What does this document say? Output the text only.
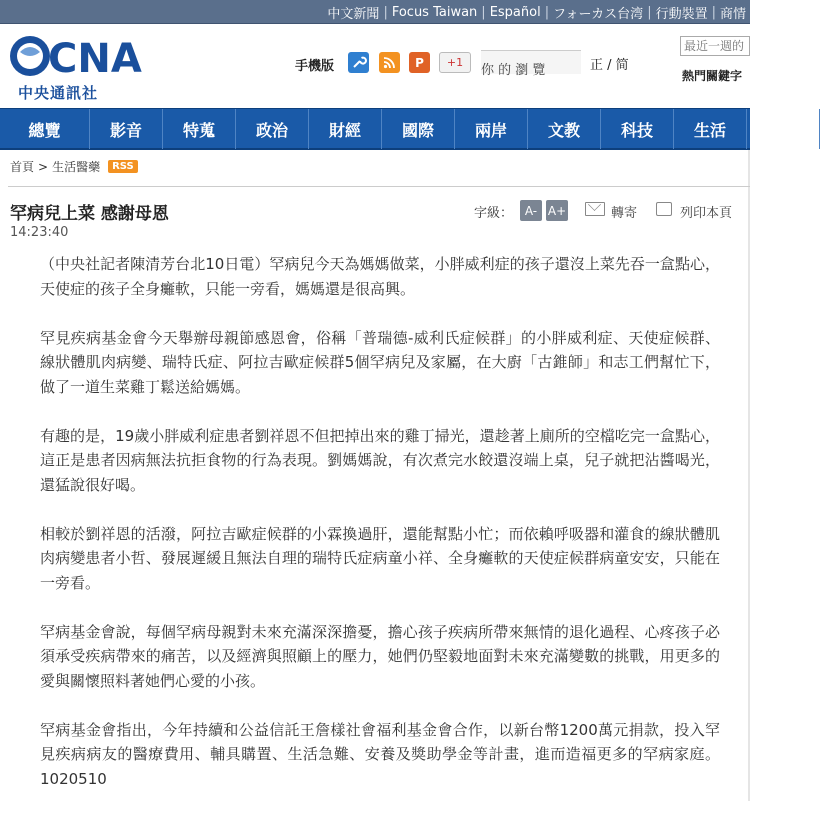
中文新聞 | Focus Taiwan | Español | フォーカス台湾 | 行動裝置 | 商情
CNA
中央通訊社
手機版	P	+1
你 的 瀏 覽	正 / 简
最近一週的
熱門關鍵字
總覽	影音	特蒐	政治	財經	國際	兩岸	文教	科技	生活	體
首頁 > 生活醫藥	RSS
罕病兒上菜 感謝母恩
14:23:40
字級： A- A+	轉寄	列印本頁

（中央社記者陳清芳台北10日電）罕病兒今天為媽媽做菜，小胖威利症的孩子還沒上菜先吞一盒點心，天使症的孩子全身癱軟，只能一旁看，媽媽還是很高興。

罕見疾病基金會今天舉辦母親節感恩會，俗稱「普瑞德-威利氏症候群」的小胖威利症、天使症候群、線狀體肌肉病變、瑞特氏症、阿拉吉歐症候群5個罕病兒及家屬，在大廚「古錐師」和志工們幫忙下，做了一道生菜雞丁鬆送給媽媽。

有趣的是，19歲小胖威利症患者劉祥恩不但把掉出來的雞丁掃光，還趁著上廁所的空檔吃完一盒點心，這正是患者因病無法抗拒食物的行為表現。劉媽媽說，有次煮完水餃還沒端上桌，兒子就把沾醬喝光，還猛說很好喝。

相較於劉祥恩的活潑，阿拉吉歐症候群的小霖換過肝，還能幫點小忙；而依賴呼吸器和灌食的線狀體肌肉病變患者小哲、發展遲緩且無法自理的瑞特氏症病童小祥、全身癱軟的天使症候群病童安安，只能在一旁看。

罕病基金會說，每個罕病母親對未來充滿深深擔憂，擔心孩子疾病所帶來無情的退化過程、心疼孩子必須承受疾病帶來的痛苦，以及經濟與照顧上的壓力，她們仍堅毅地面對未來充滿變數的挑戰，用更多的愛與關懷照料著她們心愛的小孩。

罕病基金會指出，今年持續和公益信託王詹樣社會福利基金會合作，以新台幣1200萬元捐款，投入罕見疾病病友的醫療費用、輔具購置、生活急難、安養及獎助學金等計畫，進而造福更多的罕病家庭。1020510
